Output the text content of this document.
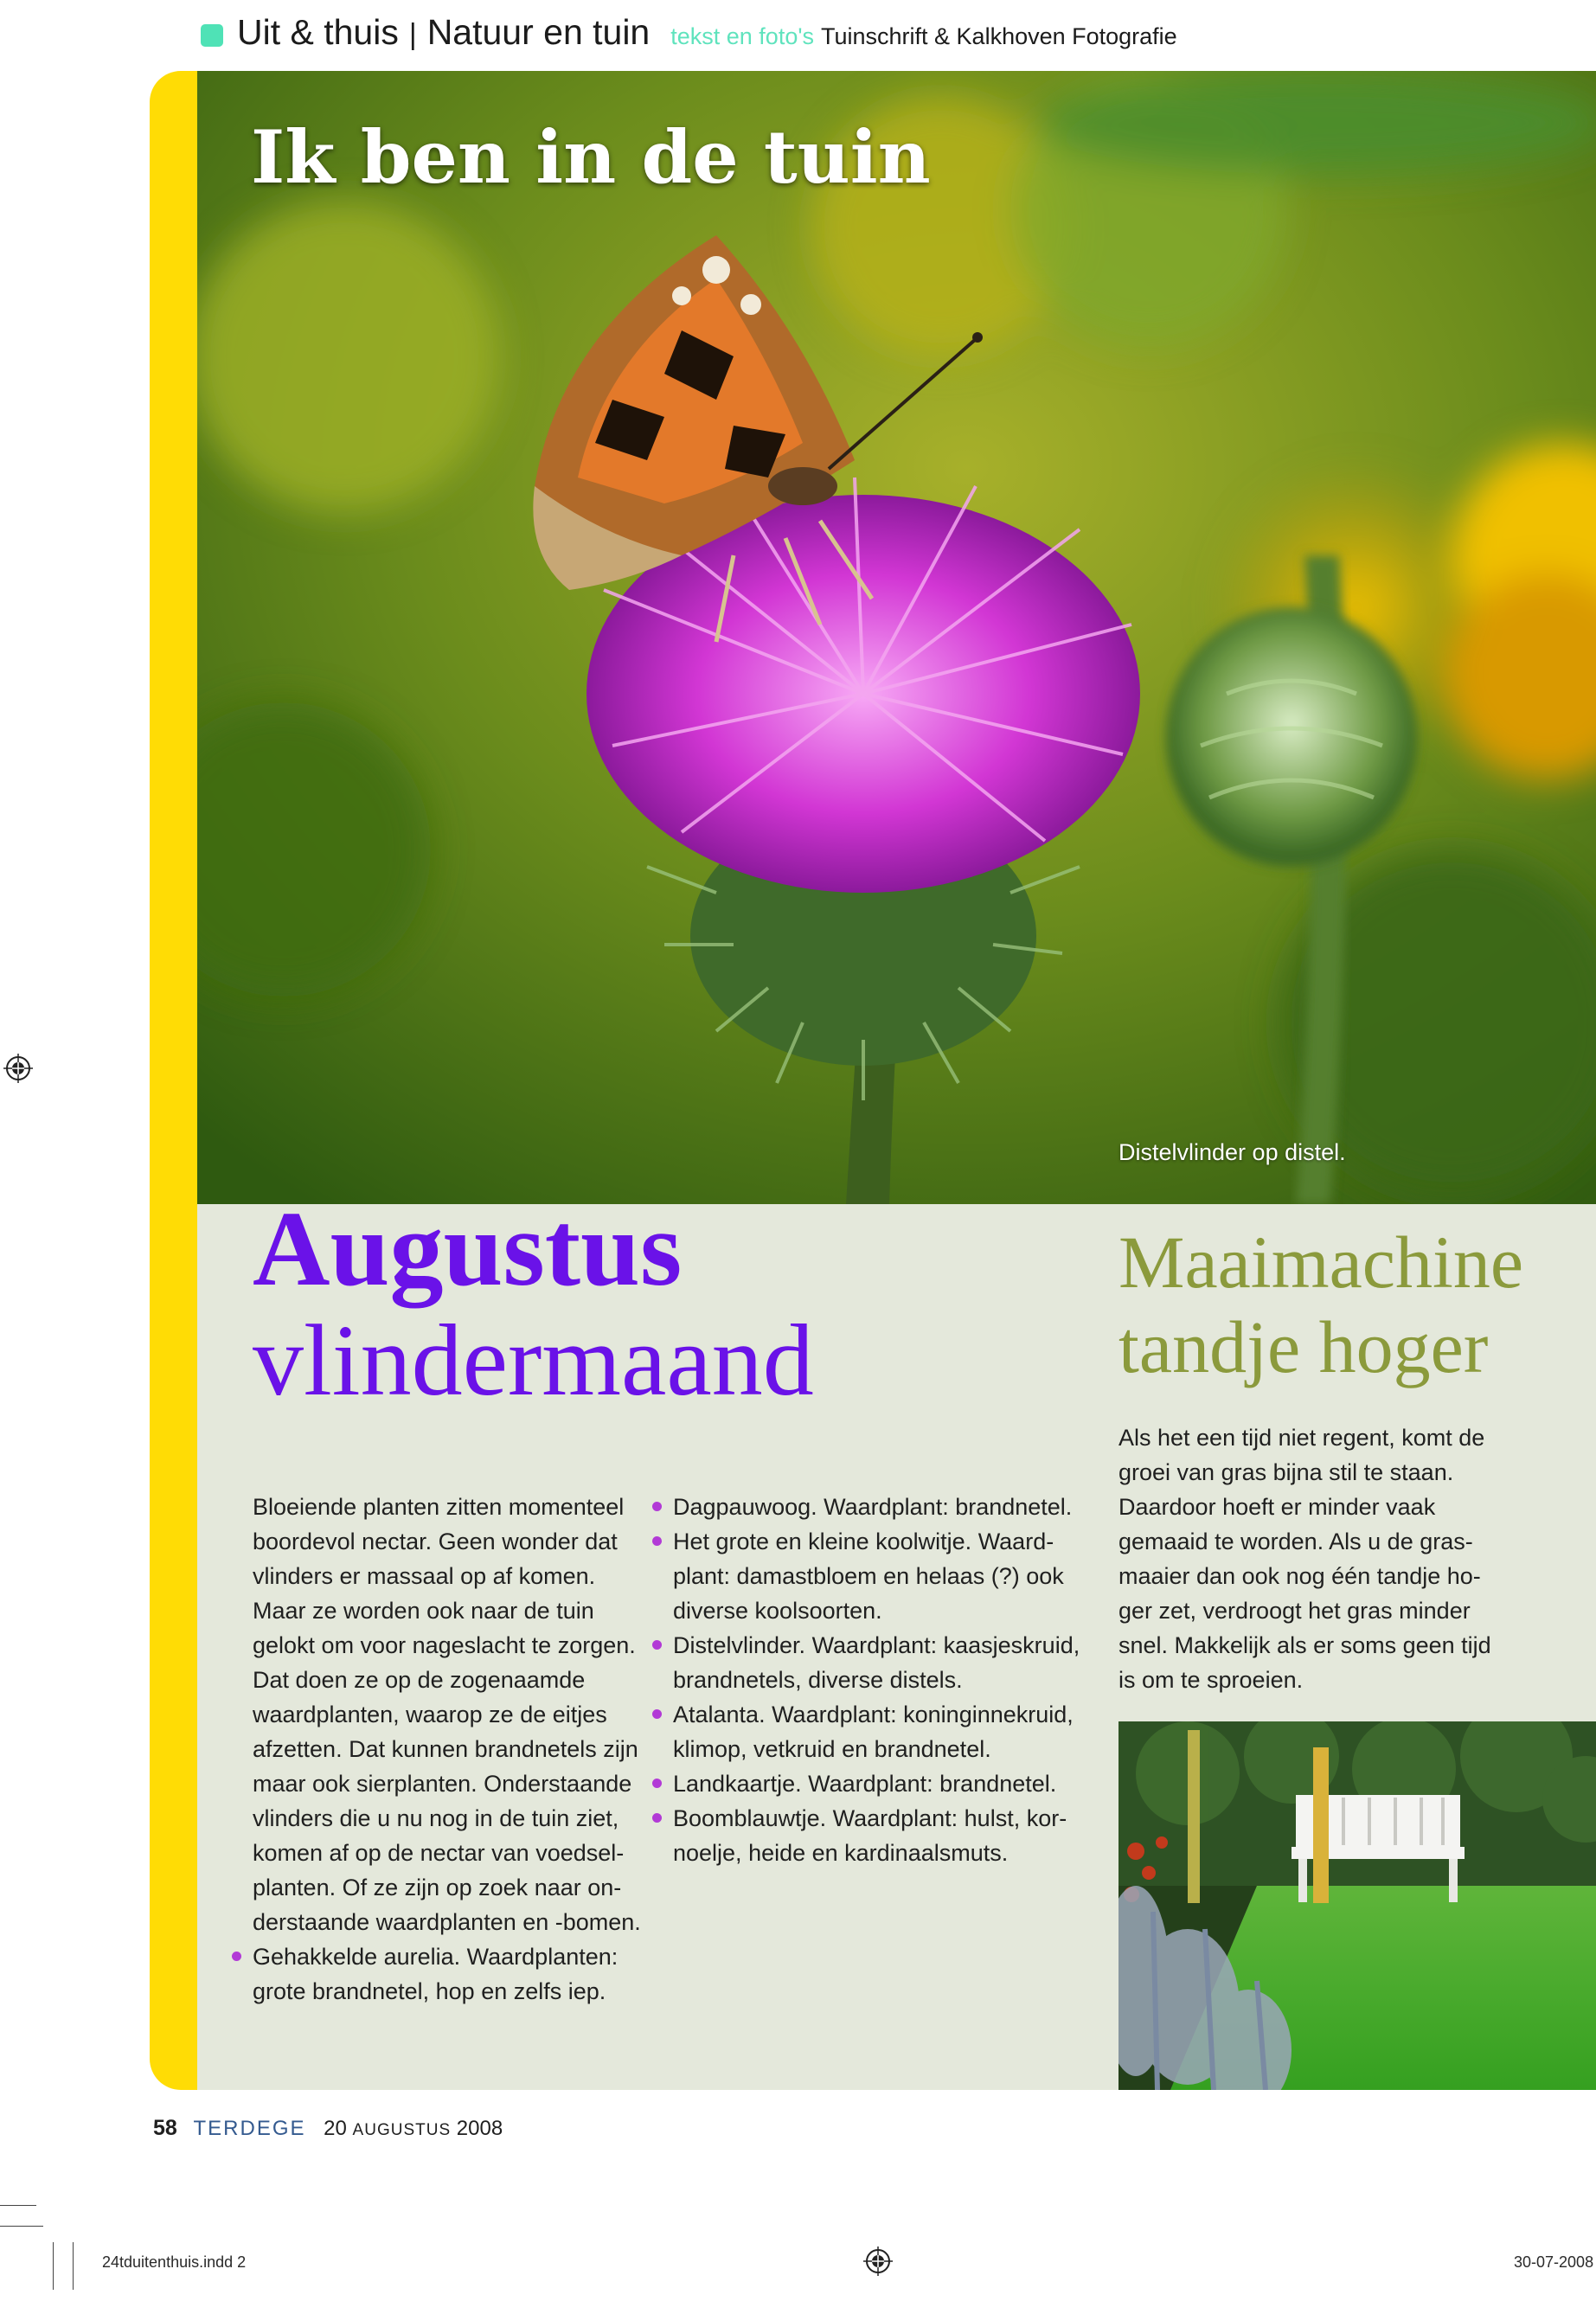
Uit & thuis | Natuur en tuin tekst en foto's Tuinschrift & Kalkhoven Fotografie
Ik ben in de tuin
Distelvlinder op distel.
Augustus
vlindermaand
Maaimachine
tandje hoger

Bloeiende planten zitten momenteel boordevol nectar. Geen wonder dat vlinders er massaal op af komen. Maar ze worden ook naar de tuin gelokt om voor nageslacht te zorgen. Dat doen ze op de zogenaamde waardplanten, waarop ze de eitjes afzetten. Dat kunnen brandnetels zijn maar ook sierplanten. Onderstaande vlinders die u nu nog in de tuin ziet, komen af op de nectar van voedsel-planten. Of ze zijn op zoek naar on-derstaande waardplanten en -bomen.

Gehakkelde aurelia. Waardplanten: grote brandnetel, hop en zelfs iep.
Dagpauwoog. Waardplant: brandnetel.
Het grote en kleine koolwitje. Waard-plant: damastbloem en helaas (?) ook diverse koolsoorten.
Distelvlinder. Waardplant: kaasjeskruid, brandnetels, diverse distels.
Atalanta. Waardplant: koninginnekruid, klimop, vetkruid en brandnetel.
Landkaartje. Waardplant: brandnetel.
Boomblauwtje. Waardplant: hulst, kor-noelje, heide en kardinaalsmuts.

Als het een tijd niet regent, komt de groei van gras bijna stil te staan. Daardoor hoeft er minder vaak gemaaid te worden. Als u de gras-maaier dan ook nog één tandje ho-ger zet, verdroogt het gras minder snel. Makkelijk als er soms geen tijd is om te sproeien.

58 TERDEGE 20 AUGUSTUS 2008
24tduitenthuis.indd 2	30-07-2008
